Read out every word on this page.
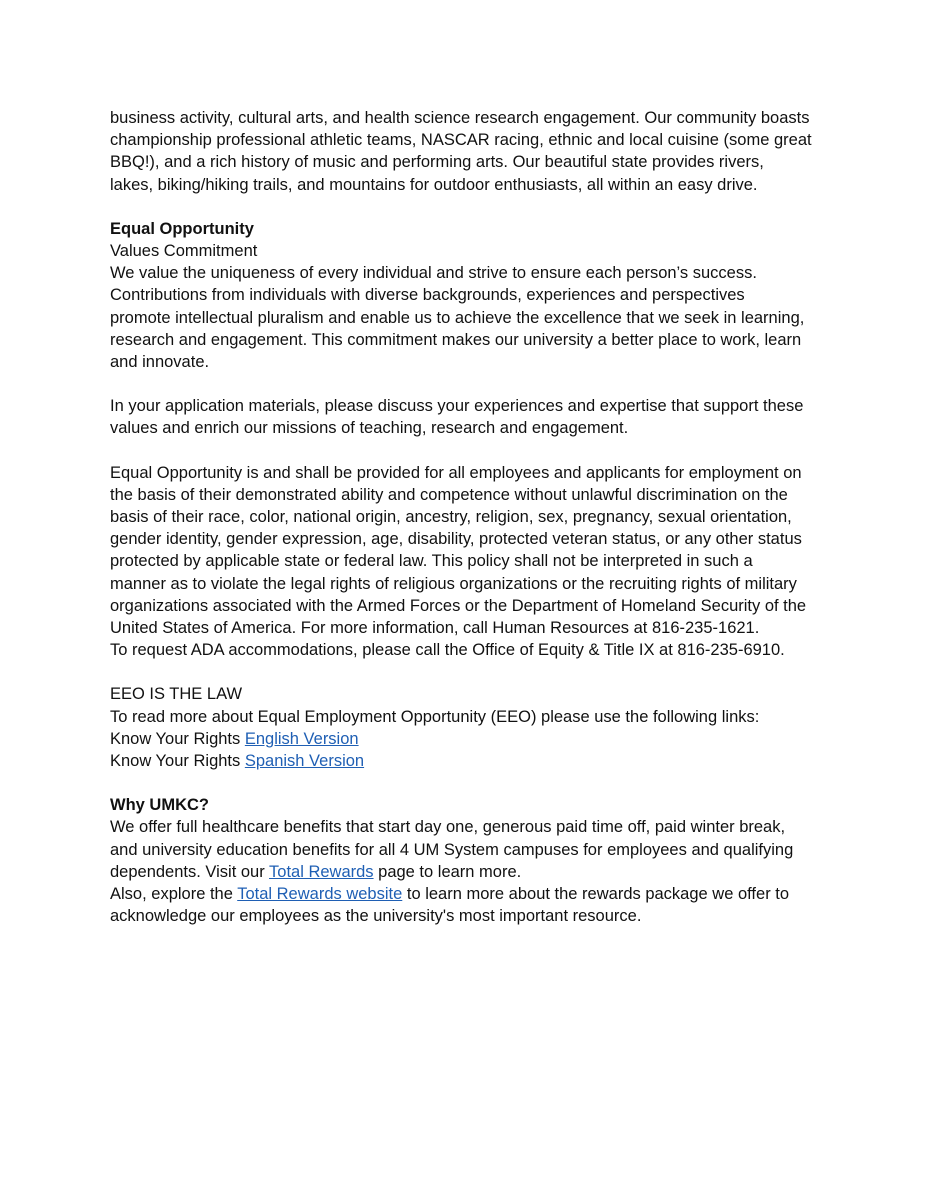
business activity, cultural arts, and health science research engagement. Our community boasts

championship professional athletic teams, NASCAR racing, ethnic and local cuisine (some great

BBQ!), and a rich history of music and performing arts. Our beautiful state provides rivers,

lakes, biking/hiking trails, and mountains for outdoor enthusiasts, all within an easy drive.

Equal Opportunity

Values Commitment

We value the uniqueness of every individual and strive to ensure each person’s success.

Contributions from individuals with diverse backgrounds, experiences and perspectives

promote intellectual pluralism and enable us to achieve the excellence that we seek in learning,

research and engagement. This commitment makes our university a better place to work, learn

and innovate.

In your application materials, please discuss your experiences and expertise that support these

values and enrich our missions of teaching, research and engagement.

Equal Opportunity is and shall be provided for all employees and applicants for employment on

the basis of their demonstrated ability and competence without unlawful discrimination on the

basis of their race, color, national origin, ancestry, religion, sex, pregnancy, sexual orientation,

gender identity, gender expression, age, disability, protected veteran status, or any other status

protected by applicable state or federal law. This policy shall not be interpreted in such a

manner as to violate the legal rights of religious organizations or the recruiting rights of military

organizations associated with the Armed Forces or the Department of Homeland Security of the

United States of America. For more information, call Human Resources at 816-235-1621.

To request ADA accommodations, please call the Office of Equity & Title IX at 816-235-6910.

EEO IS THE LAW

To read more about Equal Employment Opportunity (EEO) please use the following links:

Know Your Rights English Version

Know Your Rights Spanish Version

Why UMKC?

We offer full healthcare benefits that start day one, generous paid time off, paid winter break,

and university education benefits for all 4 UM System campuses for employees and qualifying

dependents. Visit our Total Rewards page to learn more.

Also, explore the Total Rewards website to learn more about the rewards package we offer to

acknowledge our employees as the university's most important resource.
